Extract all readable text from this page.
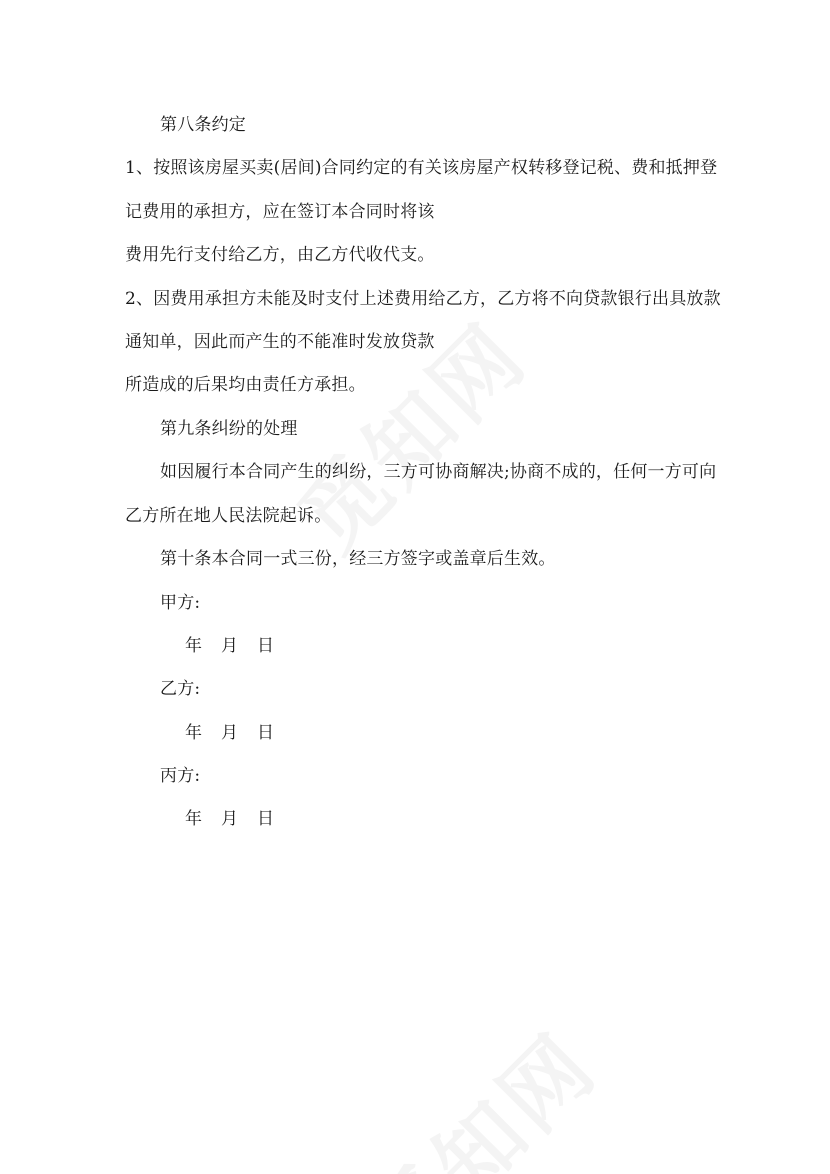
第八条约定
1、按照该房屋买卖(居间)合同约定的有关该房屋产权转移登记税、费和抵押登
记费用的承担方，应在签订本合同时将该
费用先行支付给乙方，由乙方代收代支。
2、因费用承担方未能及时支付上述费用给乙方，乙方将不向贷款银行出具放款
通知单，因此而产生的不能准时发放贷款
所造成的后果均由责任方承担。
第九条纠纷的处理
如因履行本合同产生的纠纷，三方可协商解决;协商不成的，任何一方可向
乙方所在地人民法院起诉。
第十条本合同一式三份，经三方签字或盖章后生效。
甲方:
年 月 日
乙方:
年 月 日
丙方:
年 月 日
